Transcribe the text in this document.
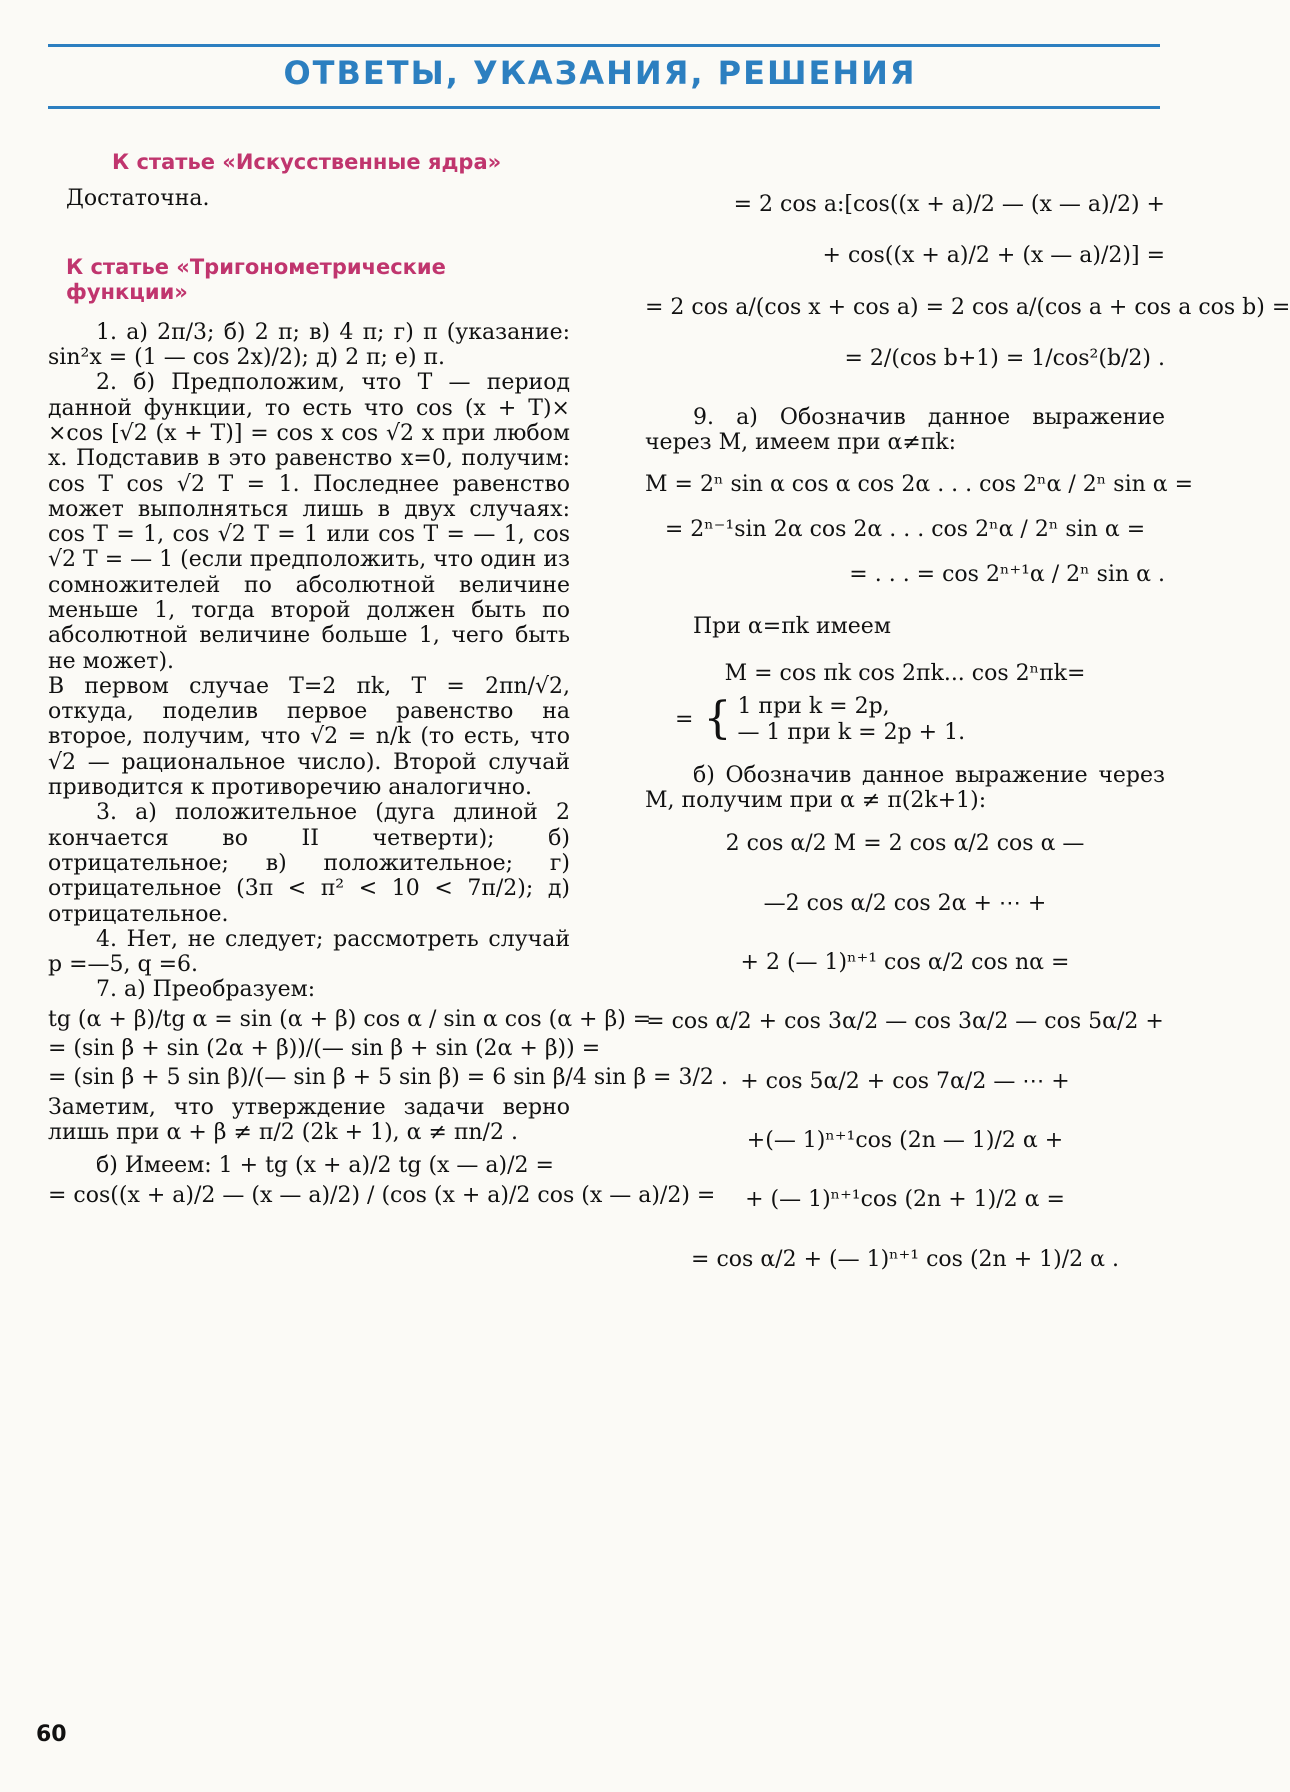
ОТВЕТЫ, УКАЗАНИЯ, РЕШЕНИЯ

К статье «Искусственные ядра»

Достаточна.

К статье «Тригонометрические функции»

1. а) 2π/3; б) 2 π; в) 4 π; г) π (указание: sin²x = (1 — cos 2x)/2); д) 2 π; е) π.

2. б) Предположим, что T — период данной функции, то есть что cos (x + T)× ×cos [√2 (x + T)] = cos x cos √2 x при любом x. Подставив в это равенство x=0, получим: cos T cos √2 T = 1. Последнее равенство может выполняться лишь в двух случаях: cos T = 1, cos √2 T = 1 или cos T = — 1, cos √2 T = — 1 (если предположить, что один из сомножителей по абсолютной величине меньше 1, тогда второй должен быть по абсолютной величине больше 1, чего быть не может).

В первом случае T=2 πk, T = 2πn/√2, откуда, поделив первое равенство на второе, получим, что √2 = n/k (то есть, что √2 — рациональное число). Второй случай приводится к противоречию аналогично.

3. а) положительное (дуга длиной 2 кончается во II четверти); б) отрицательное; в) положительное; г) отрицательное (3π < π² < 10 < 7π/2); д) отрицательное.

4. Нет, не следует; рассмотреть случай p =—5, q =6.

7. а) Преобразуем:

tg (α + β)/tg α = sin (α + β) cos α / sin α cos (α + β) =
= (sin β + sin (2α + β))/(— sin β + sin (2α + β)) =
= (sin β + 5 sin β)/(— sin β + 5 sin β) = 6 sin β/4 sin β = 3/2 .

Заметим, что утверждение задачи верно лишь при α + β ≠ π/2 (2k + 1), α ≠ πn/2 .

б) Имеем: 1 + tg (x + a)/2 tg (x — a)/2 =

= cos((x + a)/2 — (x — a)/2) / (cos (x + a)/2 cos (x — a)/2) =
= 2 cos a:[cos((x + a)/2 — (x — a)/2) +
+ cos((x + a)/2 + (x — a)/2)] =
= 2 cos a/(cos x + cos a) = 2 cos a/(cos a + cos a cos b) =
= 2/(cos b+1) = 1/cos²(b/2) .

9. а) Обозначив данное выражение через M, имеем при α≠πk:

M = 2ⁿ sin α cos α cos 2α . . . cos 2ⁿα / 2ⁿ sin α =
= 2ⁿ⁻¹sin 2α cos 2α . . . cos 2ⁿα / 2ⁿ sin α =
= . . . = cos 2ⁿ⁺¹α / 2ⁿ sin α .

При α=πk имеем

M = cos πk cos 2πk... cos 2ⁿπk=
= { 1 при k = 2p,
— 1 при k = 2p + 1.

б) Обозначив данное выражение через M, получим при α ≠ π(2k+1):

2 cos α/2 M = 2 cos α/2 cos α —
—2 cos α/2 cos 2α + ⋯ +
+ 2 (— 1)ⁿ⁺¹ cos α/2 cos nα =
= cos α/2 + cos 3α/2 — cos 3α/2 — cos 5α/2 +
+ cos 5α/2 + cos 7α/2 — ⋯ +
+(— 1)ⁿ⁺¹cos (2n — 1)/2 α +
+ (— 1)ⁿ⁺¹cos (2n + 1)/2 α =
= cos α/2 + (— 1)ⁿ⁺¹ cos (2n + 1)/2 α .
60
